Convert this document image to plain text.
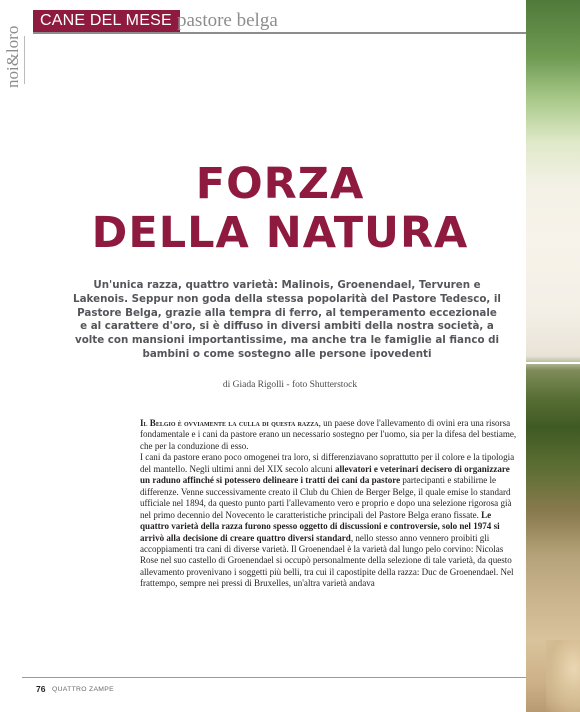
CANE DEL MESE pastore belga
noi&loro
FORZA
DELLA NATURA

Un'unica razza, quattro varietà: Malinois, Groenendael, Tervuren e Lakenois. Seppur non goda della stessa popolarità del Pastore Tedesco, il Pastore Belga, grazie alla tempra di ferro, al temperamento eccezionale e al carattere d'oro, si è diffuso in diversi ambiti della nostra società, a volte con mansioni importantissime, ma anche tra le famiglie al fianco di bambini o come sostegno alle persone ipovedenti

di Giada Rigolli - foto Shutterstock

Il Belgio è ovviamente la culla di questa razza, un paese dove l'allevamento di ovini era una risorsa fondamentale e i cani da pastore erano un necessario sostegno per l'uomo, sia per la difesa del bestiame, che per la conduzione di esso.

I cani da pastore erano poco omogenei tra loro, si differenziavano soprattutto per il colore e la tipologia del mantello. Negli ultimi anni del XIX secolo alcuni allevatori e veterinari decisero di organizzare un raduno affinché si potessero delineare i tratti dei cani da pastore partecipanti e stabilirne le differenze. Venne successivamente creato il Club du Chien de Berger Belge, il quale emise lo standard ufficiale nel 1894, da questo punto parti l'allevamento vero e proprio e dopo una selezione rigorosa già nel primo decennio del Novecento le caratteristiche principali del Pastore Belga erano fissate. Le quattro varietà della razza furono spesso oggetto di discussioni e controversie, solo nel 1974 si arrivò alla decisione di creare quattro diversi standard, nello stesso anno vennero proibiti gli accoppiamenti tra cani di diverse varietà. Il Groenendael è la varietà dal lungo pelo corvino: Nicolas Rose nel suo castello di Groenendael si occupò personalmente della selezione di tale varietà, da questo allevamento provenivano i soggetti più belli, tra cui il capostipite della razza: Duc de Groenendael. Nel frattempo, sempre nei pressi di Bruxelles, un'altra varietà andava

76 QUATTRO ZAMPE
